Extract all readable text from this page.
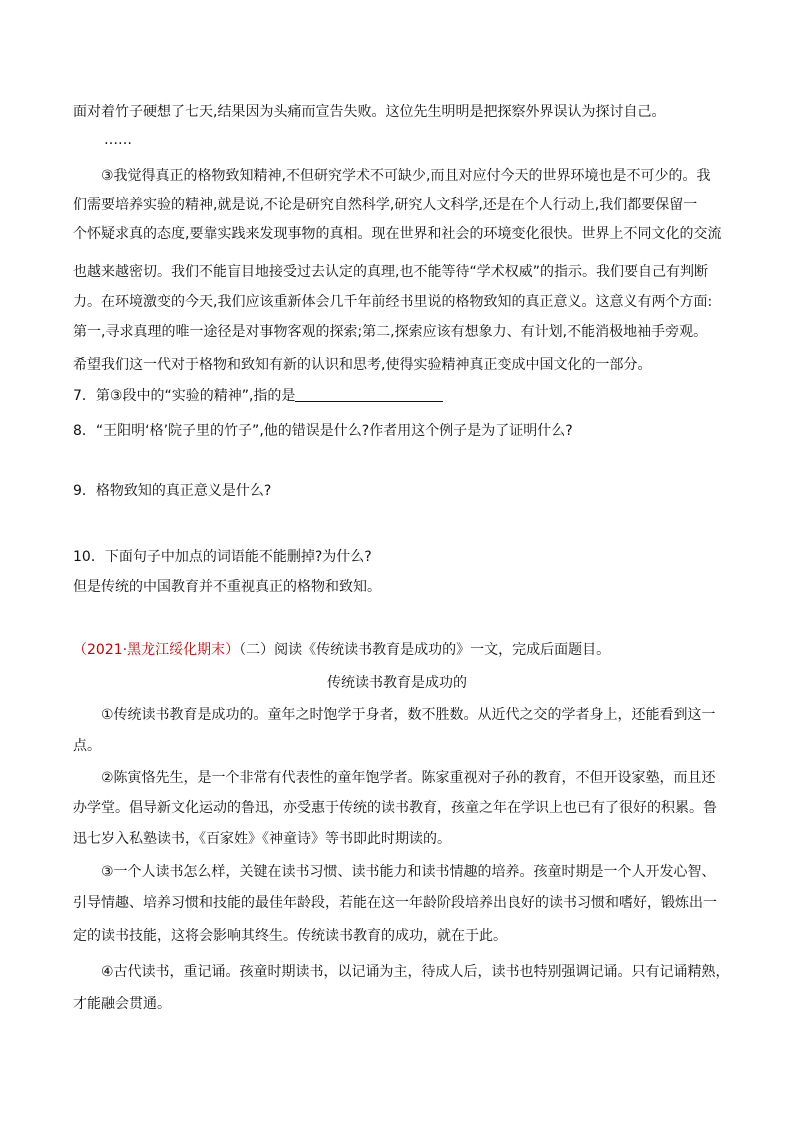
面对着竹子硬想了七天,结果因为头痛而宣告失败。这位先生明明是把探察外界误认为探讨自己。
……
③我觉得真正的格物致知精神,不但研究学术不可缺少,而且对应付今天的世界环境也是不可少的。我
们需要培养实验的精神,就是说,不论是研究自然科学,研究人文科学,还是在个人行动上,我们都要保留一
个怀疑求真的态度,要靠实践来发现事物的真相。现在世界和社会的环境变化很快。世界上不同文化的交流
也越来越密切。我们不能盲目地接受过去认定的真理,也不能等待“学术权威”的指示。我们要自己有判断
力。在环境激变的今天,我们应该重新体会几千年前经书里说的格物致知的真正意义。这意义有两个方面:
第一,寻求真理的唯一途径是对事物客观的探索;第二,探索应该有想象力、有计划,不能消极地袖手旁观。
希望我们这一代对于格物和致知有新的认识和思考,使得实验精神真正变成中国文化的一部分。
7．第③段中的“实验的精神”,指的是
8．“王阳明‘格’院子里的竹子”,他的错误是什么?作者用这个例子是为了证明什么?
9．格物致知的真正意义是什么?
10．下面句子中加点的词语能不能删掉?为什么?
但是传统的中国教育并不重视真正的格物和致知。
（2021·黑龙江绥化期末）（二）阅读《传统读书教育是成功的》一文，完成后面题目。
传统读书教育是成功的
①传统读书教育是成功的。童年之时饱学于身者，数不胜数。从近代之交的学者身上，还能看到这一
点。
②陈寅恪先生，是一个非常有代表性的童年饱学者。陈家重视对子孙的教育，不但开设家塾，而且还
办学堂。倡导新文化运动的鲁迅，亦受惠于传统的读书教育，孩童之年在学识上也已有了很好的积累。鲁
迅七岁入私塾读书，《百家姓》《神童诗》等书即此时期读的。
③一个人读书怎么样，关键在读书习惯、读书能力和读书情趣的培养。孩童时期是一个人开发心智、
引导情趣、培养习惯和技能的最佳年龄段，若能在这一年龄阶段培养出良好的读书习惯和嗜好，锻炼出一
定的读书技能，这将会影响其终生。传统读书教育的成功，就在于此。
④古代读书，重记诵。孩童时期读书，以记诵为主，待成人后，读书也特别强调记诵。只有记诵精熟，
才能融会贯通。
